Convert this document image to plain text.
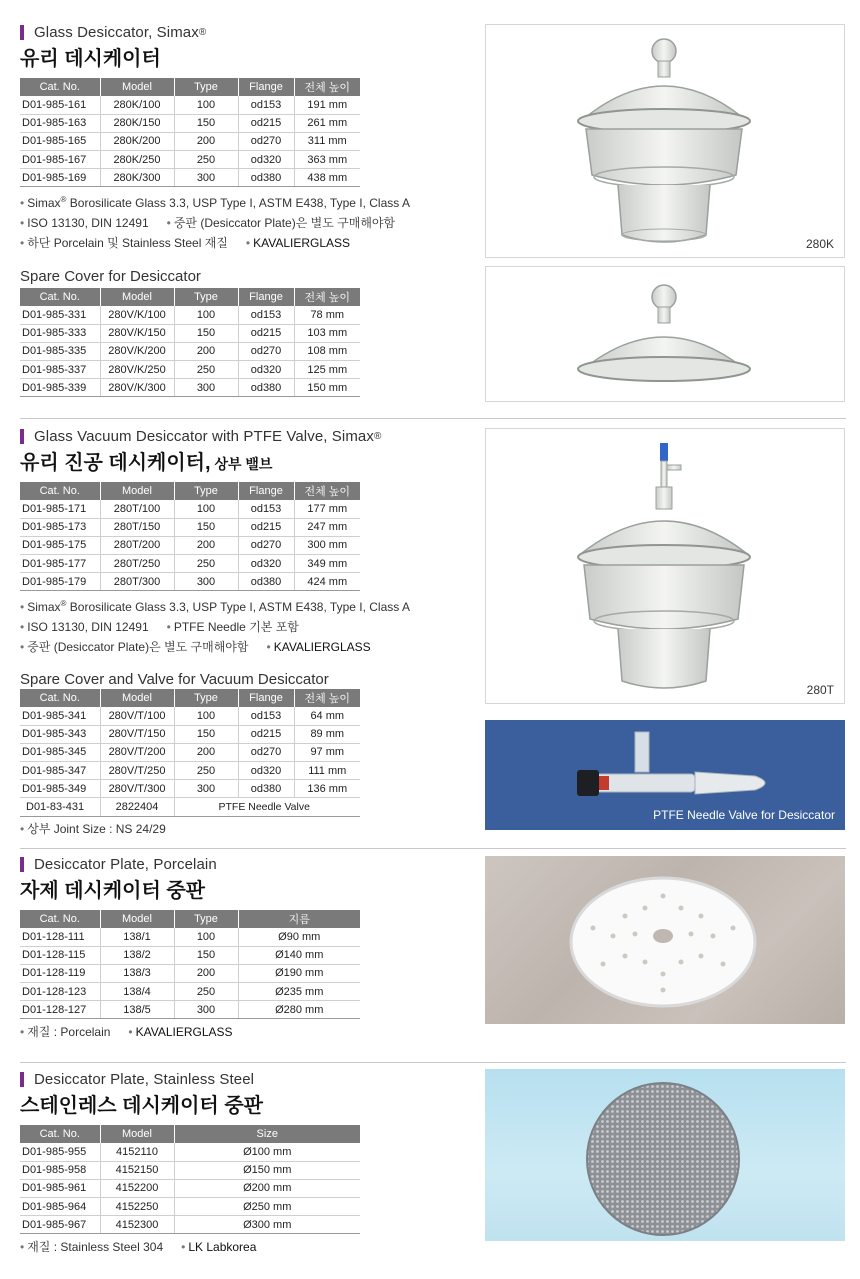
Glass Desiccator, Simax ®
유리 데시케이터
Cat. No.	Model	Type	Flange	전체 높이
D01-985-161	280K/100	100	od153	191 mm
D01-985-163	280K/150	150	od215	261 mm
D01-985-165	280K/200	200	od270	311 mm
D01-985-167	280K/250	250	od320	363 mm
D01-985-169	280K/300	300	od380	438 mm
• Simax® Borosilicate Glass 3.3, USP Type I, ASTM E438, Type I, Class A
• ISO 13130, DIN 12491 • 중판 (Desiccator Plate)은 별도 구매해야함
• 하단 Porcelain 및 Stainless Steel 재질 • KAVALIERGLASS	280K
Spare Cover for Desiccator
Cat. No.	Model	Type	Flange	전체 높이
D01-985-331	280V/K/100	100	od153	78 mm
D01-985-333	280V/K/150	150	od215	103 mm
D01-985-335	280V/K/200	200	od270	108 mm
D01-985-337	280V/K/250	250	od320	125 mm
D01-985-339	280V/K/300	300	od380	150 mm
Glass Vacuum Desiccator with PTFE Valve, Simax ®
유리 진공 데시케이터, 상부 밸브
Cat. No.	Model	Type	Flange	전체 높이
D01-985-171	280T/100	100	od153	177 mm
D01-985-173	280T/150	150	od215	247 mm
D01-985-175	280T/200	200	od270	300 mm
D01-985-177	280T/250	250	od320	349 mm
D01-985-179	280T/300	300	od380	424 mm
• Simax® Borosilicate Glass 3.3, USP Type I, ASTM E438, Type I, Class A
• ISO 13130, DIN 12491 • PTFE Needle 기본 포함
• 중판 (Desiccator Plate)은 별도 구매해야함 • KAVALIERGLASS
280T
Spare Cover and Valve for Vacuum Desiccator
Cat. No.	Model	Type	Flange	전체 높이
D01-985-341	280V/T/100	100	od153	64 mm
D01-985-343	280V/T/150	150	od215	89 mm
D01-985-345	280V/T/200	200	od270	97 mm
D01-985-347	280V/T/250	250	od320	111 mm
D01-985-349	280V/T/300	300	od380	136 mm
D01-83-431	2822404	PTFE Needle Valve		
• 상부 Joint Size : NS 24/29
PTFE Needle Valve for Desiccator
Desiccator Plate, Porcelain
자제 데시케이터 중판
Cat. No.	Model	Type	지름
D01-128-111	138/1	100	Ø90 mm
D01-128-115	138/2	150	Ø140 mm
D01-128-119	138/3	200	Ø190 mm
D01-128-123	138/4	250	Ø235 mm
D01-128-127	138/5	300	Ø280 mm
• 재질 : Porcelain • KAVALIERGLASS
Desiccator Plate, Stainless Steel
스테인레스 데시케이터 중판
Cat. No.	Model	Size
D01-985-955	4152110	Ø100 mm
D01-985-958	4152150	Ø150 mm
D01-985-961	4152200	Ø200 mm
D01-985-964	4152250	Ø250 mm
D01-985-967	4152300	Ø300 mm
• 재질 : Stainless Steel 304 • LK Labkorea
